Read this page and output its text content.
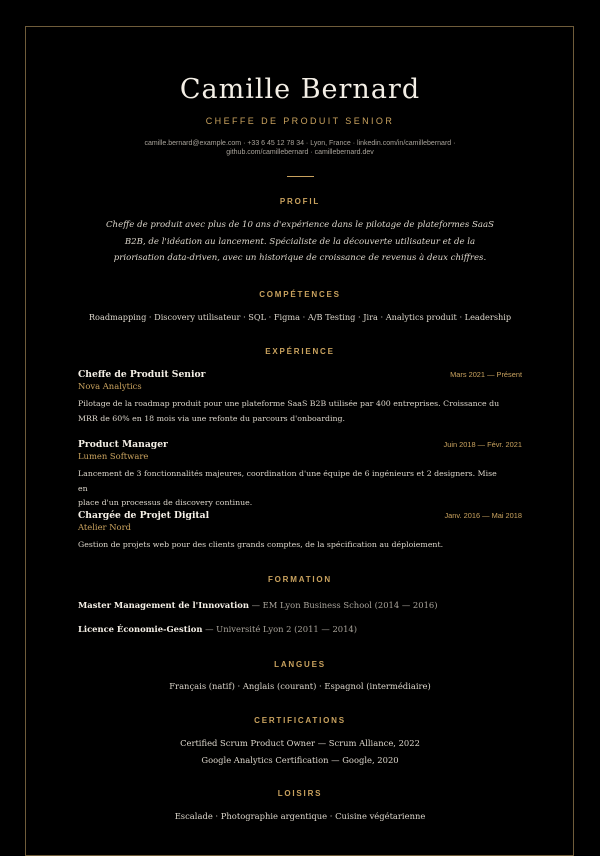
Camille Bernard
CHEFFE DE PRODUIT SENIOR
camille.bernard@example.com · +33 6 45 12 78 34 · Lyon, France · linkedin.com/in/camillebernard ·
github.com/camillebernard · camillebernard.dev
PROFIL
Cheffe de produit avec plus de 10 ans d'expérience dans le pilotage de plateformes SaaS
B2B, de l'idéation au lancement. Spécialiste de la découverte utilisateur et de la
priorisation data-driven, avec un historique de croissance de revenus à deux chiffres.
COMPÉTENCES
Roadmapping · Discovery utilisateur · SQL · Figma · A/B Testing · Jira · Analytics produit · Leadership
EXPÉRIENCE
Cheffe de Produit Senior	Mars 2021 — Présent
Nova Analytics
Pilotage de la roadmap produit pour une plateforme SaaS B2B utilisée par 400 entreprises. Croissance du
MRR de 60% en 18 mois via une refonte du parcours d'onboarding.
Product Manager	Juin 2018 — Févr. 2021
Lumen Software
Lancement de 3 fonctionnalités majeures, coordination d'une équipe de 6 ingénieurs et 2 designers. Mise en
place d'un processus de discovery continue.
Chargée de Projet Digital	Janv. 2016 — Mai 2018
Atelier Nord
Gestion de projets web pour des clients grands comptes, de la spécification au déploiement.
FORMATION
Master Management de l'Innovation — EM Lyon Business School (2014 — 2016)
Licence Économie-Gestion — Université Lyon 2 (2011 — 2014)
LANGUES
Français (natif) · Anglais (courant) · Espagnol (intermédiaire)
CERTIFICATIONS
Certified Scrum Product Owner — Scrum Alliance, 2022
Google Analytics Certification — Google, 2020
LOISIRS
Escalade · Photographie argentique · Cuisine végétarienne
